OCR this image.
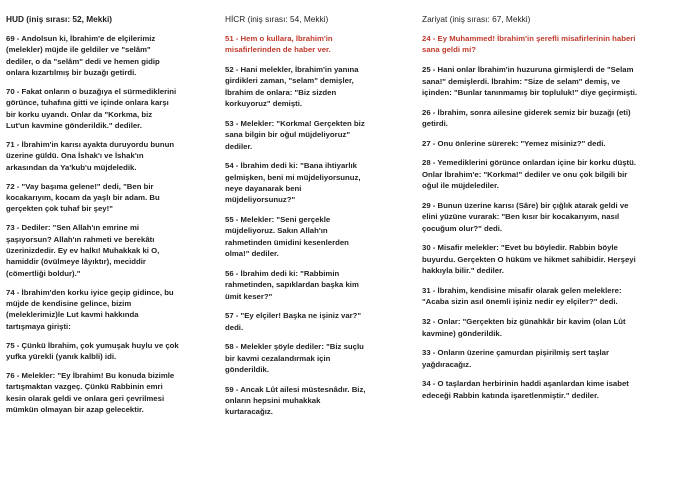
HUD (iniş sırası: 52, Mekki)
69 - Andolsun ki, İbrahim'e de elçilerimiz
(melekler) müjde ile geldiler ve "selâm"
dediler, o da "selâm" dedi ve hemen gidip
onlara kızartılmış bir buzağı getirdi.
70 - Fakat onların o buzağıya el sürmediklerini
görünce, tuhafına gitti ve içinde onlara karşı
bir korku uyandı. Onlar da "Korkma, biz
Lut'un kavmine gönderildik." dediler.
71 - İbrahim'in karısı ayakta duruyordu bunun
üzerine güldü. Ona İshak'ı ve İshak'ın
arkasından da Ya'kub'u müjdeledik.
72 - "Vay başıma gelene!" dedi, "Ben bir
kocakarıyım, kocam da yaşlı bir adam. Bu
gerçekten çok tuhaf bir şey!"
73 - Dediler: "Sen Allah'ın emrine mi
şaşıyorsun? Allah'ın rahmeti ve berekâtı
üzerinizdedir. Ey ev halkı! Muhakkak ki O,
hamiddir (övülmeye lâyıktır), meciddir
(cömertliği boldur)."
74 - İbrahim'den korku iyice geçip gidince, bu
müjde de kendisine gelince, bizim
(meleklerimiz)le Lut kavmi hakkında
tartışmaya girişti:
75 - Çünkü İbrahim, çok yumuşak huylu ve çok
yufka yürekli (yanık kalbli) idi.
76 - Melekler: "Ey İbrahim! Bu konuda bizimle
tartışmaktan vazgeç. Çünkü Rabbinin emri
kesin olarak geldi ve onlara geri çevrilmesi
mümkün olmayan bir azap gelecektir.
HİCR (iniş sırası: 54, Mekki)
51 - Hem o kullara, İbrahim'in
misafirlerinden de haber ver.
52 - Hani melekler, İbrahim'in yanına
girdikleri zaman, "selam" demişler,
İbrahim de onlara: "Biz sizden
korkuyoruz" demişti.
53 - Melekler: "Korkma! Gerçekten biz
sana bilgin bir oğul müjdeliyoruz"
dediler.
54 - İbrahim dedi ki: "Bana ihtiyarlık
gelmişken, beni mi müjdeliyorsunuz,
neye dayanarak beni
müjdeliyorsunuz?"
55 - Melekler: "Seni gerçekle
müjdeliyoruz. Sakın Allah'ın
rahmetinden ümidini kesenlerden
olma!" dediler.
56 - İbrahim dedi ki: "Rabbimin
rahmetinden, sapıklardan başka kim
ümit keser?"
57 - "Ey elçiler! Başka ne işiniz var?"
dedi.
58 - Melekler şöyle dediler: "Biz suçlu
bir kavmi cezalandırmak için
gönderildik.
59 - Ancak Lût ailesi müstesnâdır. Biz,
onların hepsini muhakkak
kurtaracağız.
Zariyat (iniş sırası: 67, Mekki)
24 - Ey Muhammed! İbrahim'in şerefli misafirlerinin haberi
sana geldi mi?
25 - Hani onlar İbrahim'in huzuruna girmişlerdi de "Selam
sana!" demişlerdi. İbrahim: "Size de selam" demiş, ve
içinden: "Bunlar tanınmamış bir topluluk!" diye geçirmişti.
26 - İbrahim, sonra ailesine giderek semiz bir buzağı (eti)
getirdi.
27 - Onu önlerine sürerek: "Yemez misiniz?" dedi.
28 - Yemediklerini görünce onlardan içine bir korku düştü.
Onlar İbrahim'e: "Korkma!" dediler ve onu çok bilgili bir
oğul ile müjdelediler.
29 - Bunun üzerine karısı (Sâre) bir çığlık atarak geldi ve
elini yüzüne vurarak: "Ben kısır bir kocakarıyım, nasıl
çocuğum olur?" dedi.
30 - Misafir melekler: "Evet bu böyledir. Rabbin böyle
buyurdu. Gerçekten O hüküm ve hikmet sahibidir. Herşeyi
hakkıyla bilir." dediler.
31 - İbrahim, kendisine misafir olarak gelen meleklere:
"Acaba sizin asıl önemli işiniz nedir ey elçiler?" dedi.
32 - Onlar: "Gerçekten biz günahkâr bir kavim (olan Lût
kavmine) gönderildik.
33 - Onların üzerine çamurdan pişirilmiş sert taşlar
yağdıracağız.
34 - O taşlardan herbirinin haddi aşanlardan kime isabet
edeceği Rabbin katında işaretlenmiştir." dediler.
